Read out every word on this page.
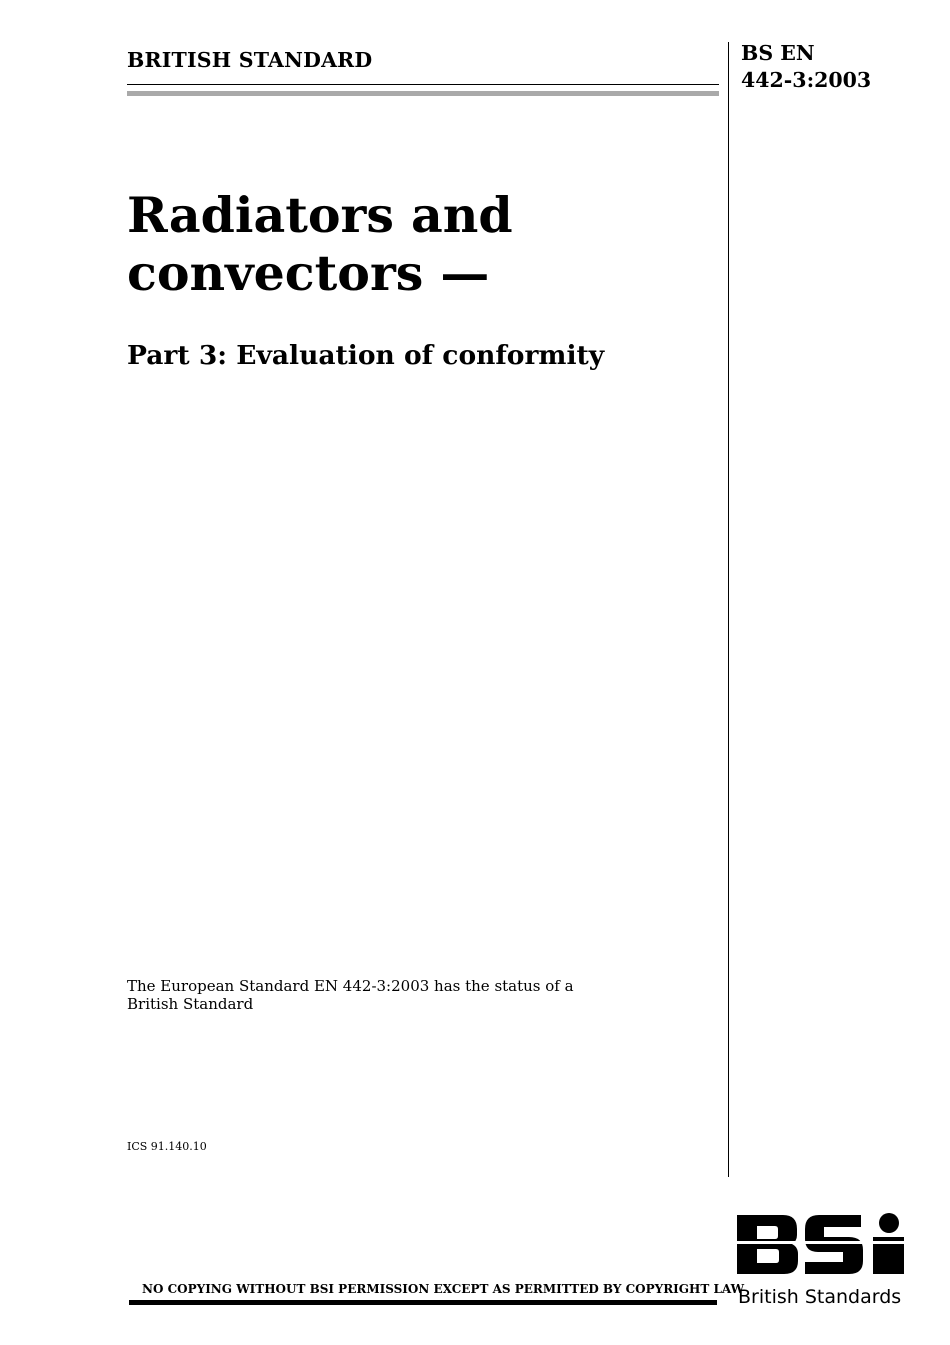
BRITISH STANDARD	BS EN
442-3:2003
Radiators and
convectors —
Part 3: Evaluation of conformity
The European Standard EN 442-3:2003 has the status of a
British Standard
ICS 91.140.10
NO COPYING WITHOUT BSI PERMISSION EXCEPT AS PERMITTED BY COPYRIGHT LAW
British Standards
